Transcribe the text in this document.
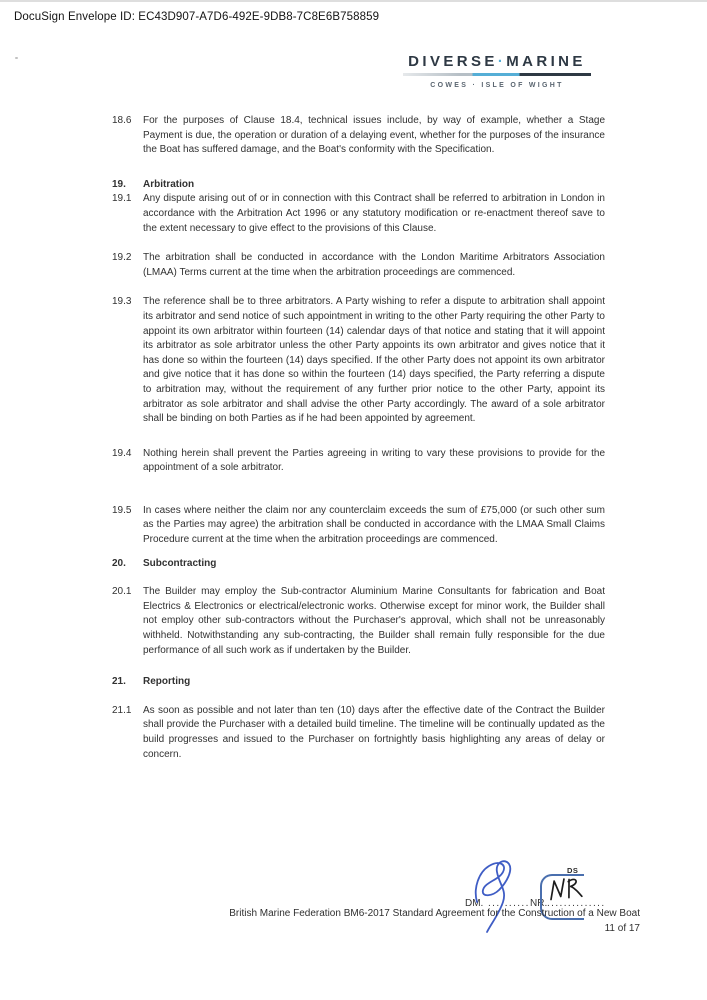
DocuSign Envelope ID: EC43D907-A7D6-492E-9DB8-7C8E6B758859
DIVERSE·MARINE
COWES · ISLE OF WIGHT
18.6	For the purposes of Clause 18.4, technical issues include, by way of example, whether a Stage Payment is due, the operation or duration of a delaying event, whether for the purposes of the insurance the Boat has suffered damage, and the Boat's conformity with the Specification.
19.	Arbitration
19.1	Any dispute arising out of or in connection with this Contract shall be referred to arbitration in London in accordance with the Arbitration Act 1996 or any statutory modification or re-enactment thereof save to the extent necessary to give effect to the provisions of this Clause.
19.2	The arbitration shall be conducted in accordance with the London Maritime Arbitrators Association (LMAA) Terms current at the time when the arbitration proceedings are commenced.
19.3	The reference shall be to three arbitrators. A Party wishing to refer a dispute to arbitration shall appoint its arbitrator and send notice of such appointment in writing to the other Party requiring the other Party to appoint its own arbitrator within fourteen (14) calendar days of that notice and stating that it will appoint its arbitrator as sole arbitrator unless the other Party appoints its own arbitrator and gives notice that it has done so within the fourteen (14) days specified. If the other Party does not appoint its own arbitrator and give notice that it has done so within the fourteen (14) days specified, the Party referring a dispute to arbitration may, without the requirement of any further prior notice to the other Party, appoint its arbitrator as sole arbitrator and shall advise the other Party accordingly. The award of a sole arbitrator shall be binding on both Parties as if he had been appointed by agreement.
19.4	Nothing herein shall prevent the Parties agreeing in writing to vary these provisions to provide for the appointment of a sole arbitrator.
19.5	In cases where neither the claim nor any counterclaim exceeds the sum of £75,000 (or such other sum as the Parties may agree) the arbitration shall be conducted in accordance with the LMAA Small Claims Procedure current at the time when the arbitration proceedings are commenced.
20.	Subcontracting
20.1	The Builder may employ the Sub-contractor Aluminium Marine Consultants for fabrication and Boat Electrics & Electronics or electrical/electronic works. Otherwise except for minor work, the Builder shall not employ other sub-contractors without the Purchaser's approval, which shall not be unreasonably withheld. Notwithstanding any sub-contracting, the Builder shall remain fully responsible for the due performance of all such work as if undertaken by the Builder.
21.	Reporting
21.1	As soon as possible and not later than ten (10) days after the effective date of the Contract the Builder shall provide the Purchaser with a detailed build timeline. The timeline will be continually updated as the build progresses and issued to the Purchaser on fortnightly basis highlighting any areas of delay or concern.
DM. .......... NR.
DS
..............
British Marine Federation BM6-2017 Standard Agreement for the Construction of a New Boat
11 of 17
